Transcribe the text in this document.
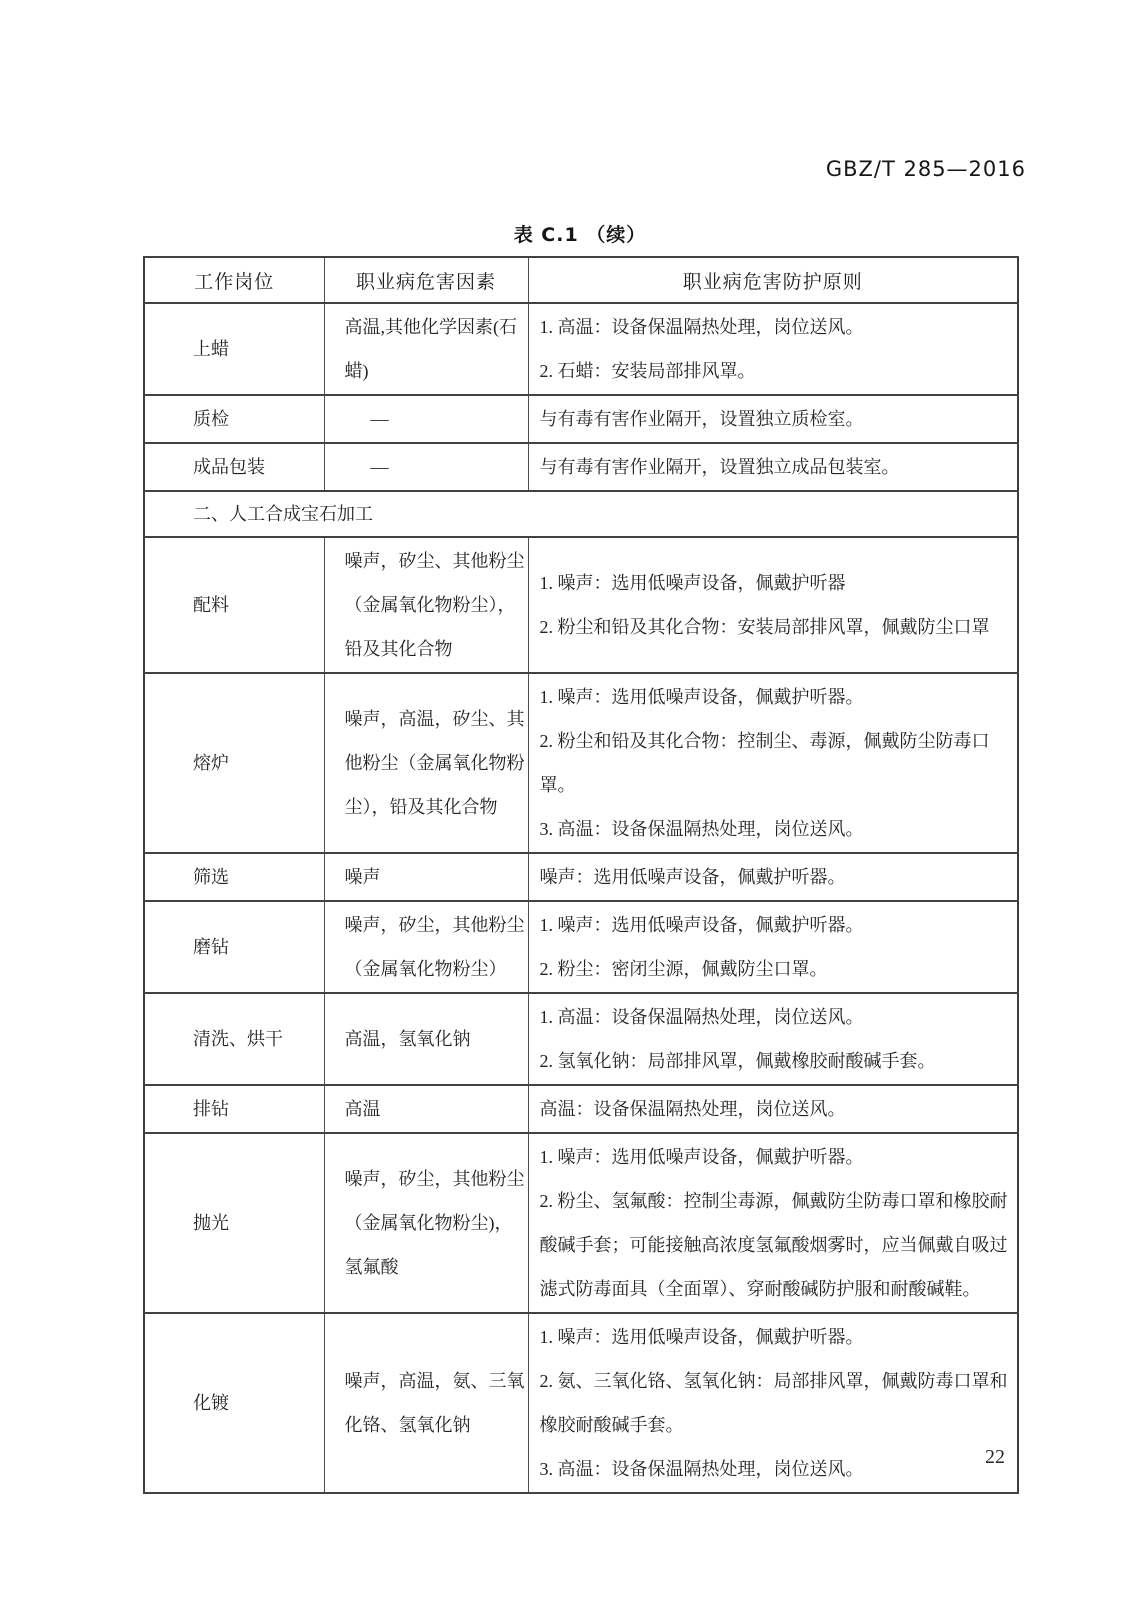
GBZ/T 285—2016
表 C.1 （续）
工作岗位	职业病危害因素	职业病危害防护原则
上蜡	高温,其他化学因素(石蜡)	1. 高温：设备保温隔热处理，岗位送风。
2. 石蜡：安装局部排风罩。

质检	—	与有毒有害作业隔开，设置独立质检室。

成品包装	—	与有毒有害作业隔开，设置独立成品包装室。

二、人工合成宝石加工		
配料	噪声，矽尘、其他粉尘（金属氧化物粉尘），铅及其化合物	1. 噪声：选用低噪声设备，佩戴护听器
2. 粉尘和铅及其化合物：安装局部排风罩，佩戴防尘口罩

熔炉	噪声，高温，矽尘、其他粉尘（金属氧化物粉尘），铅及其化合物	1. 噪声：选用低噪声设备，佩戴护听器。
2. 粉尘和铅及其化合物：控制尘、毒源，佩戴防尘防毒口罩。
3. 高温：设备保温隔热处理，岗位送风。

筛选	噪声	噪声：选用低噪声设备，佩戴护听器。

磨钻	噪声，矽尘，其他粉尘（金属氧化物粉尘）	1. 噪声：选用低噪声设备，佩戴护听器。
2. 粉尘：密闭尘源，佩戴防尘口罩。

清洗、烘干	高温，氢氧化钠	1. 高温：设备保温隔热处理，岗位送风。
2. 氢氧化钠：局部排风罩，佩戴橡胶耐酸碱手套。

排钻	高温	高温：设备保温隔热处理，岗位送风。

抛光	噪声，矽尘，其他粉尘（金属氧化物粉尘)，氢氟酸	1. 噪声：选用低噪声设备，佩戴护听器。
2. 粉尘、氢氟酸：控制尘毒源，佩戴防尘防毒口罩和橡胶耐酸碱手套；可能接触高浓度氢氟酸烟雾时，应当佩戴自吸过滤式防毒面具（全面罩）、穿耐酸碱防护服和耐酸碱鞋。

化镀	噪声，高温，氨、三氧化铬、氢氧化钠	1. 噪声：选用低噪声设备，佩戴护听器。
2. 氨、三氧化铬、氢氧化钠：局部排风罩，佩戴防毒口罩和橡胶耐酸碱手套。
3. 高温：设备保温隔热处理，岗位送风。
22
